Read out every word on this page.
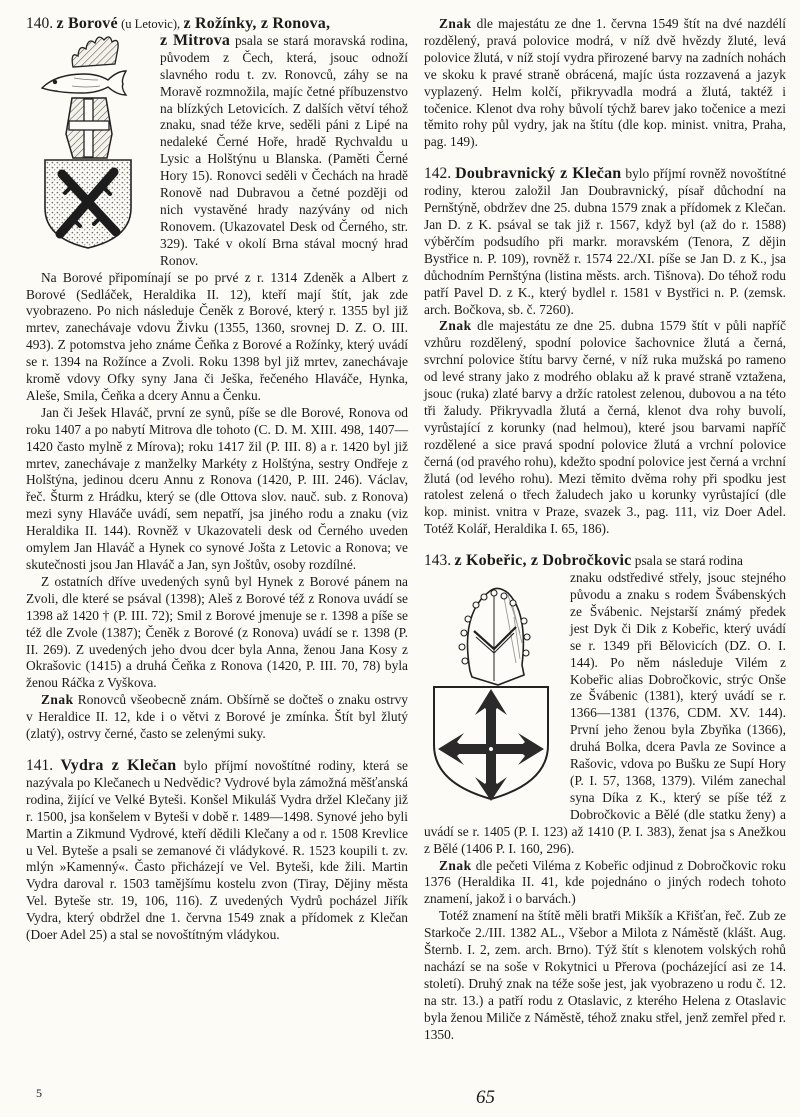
140. z Borové (u Letovic), z Rožínky, z Ronova,

z Mitrova psala se stará moravská rodina, původem z Čech, která, jsouc odnoží slavného rodu t. zv. Ronovců, záhy se na Moravě rozmnožila, majíc četné příbuzenstvo na blízkých Letovicích. Z dalších větví téhož znaku, snad téže krve, seděli páni z Lipé na nedaleké Černé Hoře, hradě Rychvaldu u Lysic a Holštýnu u Blanska. (Paměti Černé Hory 15). Ronovci seděli v Čechách na hradě Ronově nad Dubravou a četné později od nich vystavěné hrady nazývány od nich Ronovem. (Ukazovatel Desk od Černého, str. 329). Také v okolí Brna stával mocný hrad Ronov.

Na Borové připomínají se po prvé z r. 1314 Zdeněk a Albert z Borové (Sedláček, Heraldika II. 12), kteří mají štít, jak zde vyobrazeno. Po nich následuje Čeněk z Borové, který r. 1355 byl již mrtev, zanechávaje vdovu Živku (1355, 1360, srovnej D. Z. O. III. 493). Z potomstva jeho známe Čeňka z Borové a Rožínky, který uvádí se r. 1394 na Rožínce a Zvoli. Roku 1398 byl již mrtev, zanechávaje kromě vdovy Ofky syny Jana či Ješka, řečeného Hlaváče, Hynka, Aleše, Smila, Čeňka a dcery Annu a Čenku.

Jan či Ješek Hlaváč, první ze synů, píše se dle Borové, Ronova od roku 1407 a po nabytí Mitrova dle tohoto (C. D. M. XIII. 498, 1407—1420 často mylně z Mírova); roku 1417 žil (P. III. 8) a r. 1420 byl již mrtev, zanechávaje z manželky Markéty z Holštýna, sestry Ondřeje z Holštýna, jedinou dceru Annu z Ronova (1420, P. III. 246). Václav, řeč. Šturm z Hrádku, který se (dle Ottova slov. nauč. sub. z Ronova) mezi syny Hlaváče uvádí, sem nepatří, jsa jiného rodu a znaku (viz Heraldika II. 144). Rovněž v Ukazovateli desk od Černého uveden omylem Jan Hlaváč a Hynek co synové Jošta z Letovic a Ronova; ve skutečnosti jsou Jan Hlaváč a Jan, syn Joštův, osoby rozdílné.

Z ostatních dříve uvedených synů byl Hynek z Borové pánem na Zvoli, dle které se psával (1398); Aleš z Borové též z Ronova uvádí se 1398 až 1420 † (P. III. 72); Smil z Borové jmenuje se r. 1398 a píše se též dle Zvole (1387); Čeněk z Borové (z Ronova) uvádí se r. 1398 (P. II. 269). Z uvedených jeho dvou dcer byla Anna, ženou Jana Kosy z Okrašovic (1415) a druhá Čeňka z Ronova (1420, P. III. 70, 78) byla ženou Ráčka z Vyškova.

Znak Ronovců všeobecně znám. Obšírně se dočteš o znaku ostrvy v Heraldice II. 12, kde i o větvi z Borové je zmínka. Štít byl žlutý (zlatý), ostrvy černé, často se zelenými suky.

141. Vydra z Klečan bylo příjmí novoštítné rodiny, která se nazývala po Klečanech u Nedvědic? Vydrové byla zámožná měšťanská rodina, žijící ve Velké Byteši. Konšel Mikuláš Vydra držel Klečany již r. 1500, jsa konšelem v Byteši v době r. 1489—1498. Synové jeho byli Martin a Zikmund Vydrové, kteří dědili Klečany a od r. 1508 Krevlice u Vel. Byteše a psali se zemanové či vládykové. R. 1523 koupili t. zv. mlýn »Kamenný«. Často přicházejí ve Vel. Byteši, kde žili. Martin Vydra daroval r. 1503 tamějšímu kostelu zvon (Tiray, Dějiny města Vel. Byteše str. 19, 106, 116). Z uvedených Vydrů pocházel Jiřík Vydra, který obdržel dne 1. června 1549 znak a přídomek z Klečan (Doer Adel 25) a stal se novoštítným vládykou.

Znak dle majestátu ze dne 1. června 1549 štít na dvé nazdélí rozdělený, pravá polovice modrá, v níž dvě hvězdy žluté, levá polovice žlutá, v níž stojí vydra přirozené barvy na zadních nohách ve skoku k pravé straně obrácená, majíc ústa rozzavená a jazyk vyplazený. Helm kolčí, přikryvadla modrá a žlutá, taktéž i točenice. Klenot dva rohy bůvolí týchž barev jako točenice a mezi těmito rohy půl vydry, jak na štítu (dle kop. minist. vnitra, Praha, pag. 149).

142. Doubravnický z Klečan bylo příjmí rovněž novoštítné rodiny, kterou založil Jan Doubravnický, písař důchodní na Pernštýně, obdržev dne 25. dubna 1579 znak a přídomek z Klečan. Jan D. z K. psával se tak již r. 1567, když byl (až do r. 1588) výběrčím podsudího při markr. moravském (Tenora, Z dějin Bystřice n. P. 109), rovněž r. 1574 22./XI. píše se Jan D. z K., jsa důchodním Pernštýna (listina městs. arch. Tišnova). Do téhož rodu patří Pavel D. z K., který bydlel r. 1581 v Bystřici n. P. (zemsk. arch. Bočkova, sb. č. 7260).

Znak dle majestátu ze dne 25. dubna 1579 štít v půli napříč vzhůru rozdělený, spodní polovice šachovnice žlutá a černá, svrchní polovice štítu barvy černé, v níž ruka mužská po rameno od levé strany jako z modrého oblaku až k pravé straně vztažena, jsouc (ruka) zlaté barvy a držíc ratolest zelenou, dubovou a na této tři žaludy. Přikryvadla žlutá a černá, klenot dva rohy buvolí, vyrůstající z korunky (nad helmou), které jsou barvami napříč rozdělené a sice pravá spodní polovice žlutá a vrchní polovice černá (od pravého rohu), kdežto spodní polovice jest černá a vrchní žlutá (od levého rohu). Mezi těmito dvěma rohy při spodku jest ratolest zelená o třech žaludech jako u korunky vyrůstající (dle kop. minist. vnitra v Praze, svazek 3., pag. 111, viz Doer Adel. Totéž Kolář, Heraldika I. 65, 186).

143. z Kobeřic, z Dobročkovic psala se stará rodina

znaku odstředivé střely, jsouc stejného původu a znaku s rodem Švábenských ze Švábenic. Nejstarší známý předek jest Dyk či Dik z Kobeřic, který uvádí se r. 1349 při Bělovicích (DZ. O. I. 144). Po něm následuje Vilém z Kobeřic alias Dobročkovic, strýc Onše ze Švábenic (1381), který uvádí se r. 1366—1381 (1376, CDM. XV. 144). První jeho ženou byla Zbyňka (1366), druhá Bolka, dcera Pavla ze Sovince a Rašovic, vdova po Bušku ze Supí Hory (P. I. 57, 1368, 1379). Vilém zanechal syna Díka z K., který se píše též z Dobročkovic a Bělé (dle statku ženy) a uvádí se r. 1405 (P. I. 123) až 1410 (P. I. 383), ženat jsa s Anežkou z Bělé (1406 P. I. 160, 296).

Znak dle pečeti Viléma z Kobeřic odjinud z Dobročkovic roku 1376 (Heraldika II. 41, kde pojednáno o jiných rodech tohoto znamení, jakož i o barvách.)

Totéž znamení na štítě měli bratři Mikšík a Křišťan, řeč. Zub ze Starkoče 2./III. 1382 AL., Všebor a Milota z Náměstě (klášt. Aug. Šternb. I. 2, zem. arch. Brno). Týž štít s klenotem volských rohů nachází se na soše v Rokytnici u Přerova (pocházející asi ze 14. století). Druhý znak na téže soše jest, jak vyobrazeno u rodu č. 12. na str. 13.) a patří rodu z Otaslavic, z kterého Helena z Otaslavic byla ženou Miliče z Náměstě, téhož znaku střel, jenž zemřel před r. 1350.

5	65
